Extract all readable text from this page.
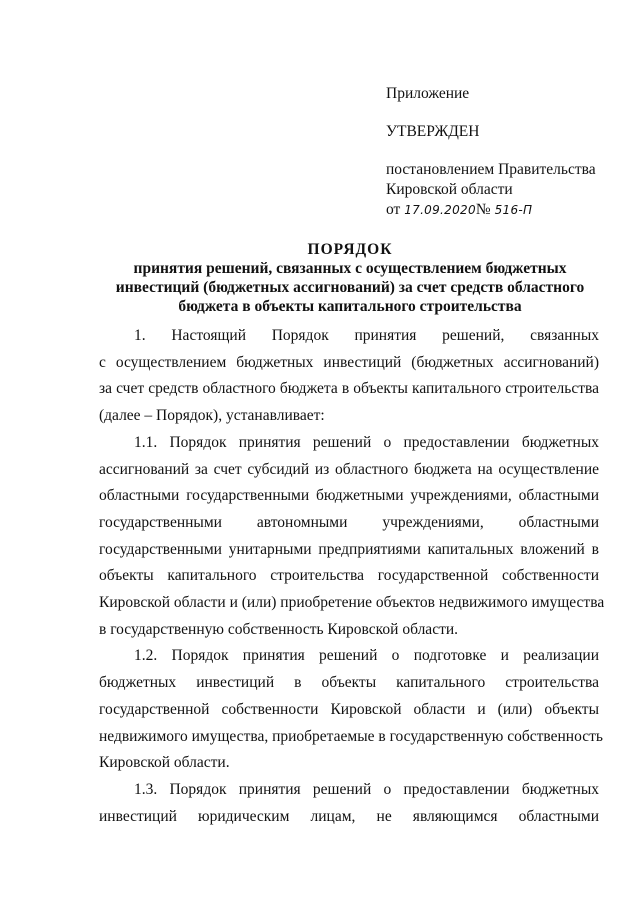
Приложение
УТВЕРЖДЕН
постановлением Правительства
Кировской области
от 17.09.2020№ 516-П
ПОРЯДОК
принятия решений, связанных с осуществлением бюджетных
инвестиций (бюджетных ассигнований) за счет средств областного
бюджета в объекты капитального строительства
1. Настоящий Порядок принятия решений, связанных
с осуществлением бюджетных инвестиций (бюджетных ассигнований)
за счет средств областного бюджета в объекты капитального строительства
(далее – Порядок), устанавливает:
1.1. Порядок принятия решений о предоставлении бюджетных
ассигнований за счет субсидий из областного бюджета на осуществление
областными государственными бюджетными учреждениями, областными
государственными автономными учреждениями, областными
государственными унитарными предприятиями капитальных вложений в
объекты капитального строительства государственной собственности
Кировской области и (или) приобретение объектов недвижимого имущества
в государственную собственность Кировской области.
1.2. Порядок принятия решений о подготовке и реализации
бюджетных инвестиций в объекты капитального строительства
государственной собственности Кировской области и (или) объекты
недвижимого имущества, приобретаемые в государственную собственность
Кировской области.
1.3. Порядок принятия решений о предоставлении бюджетных
инвестиций юридическим лицам, не являющимся областными
